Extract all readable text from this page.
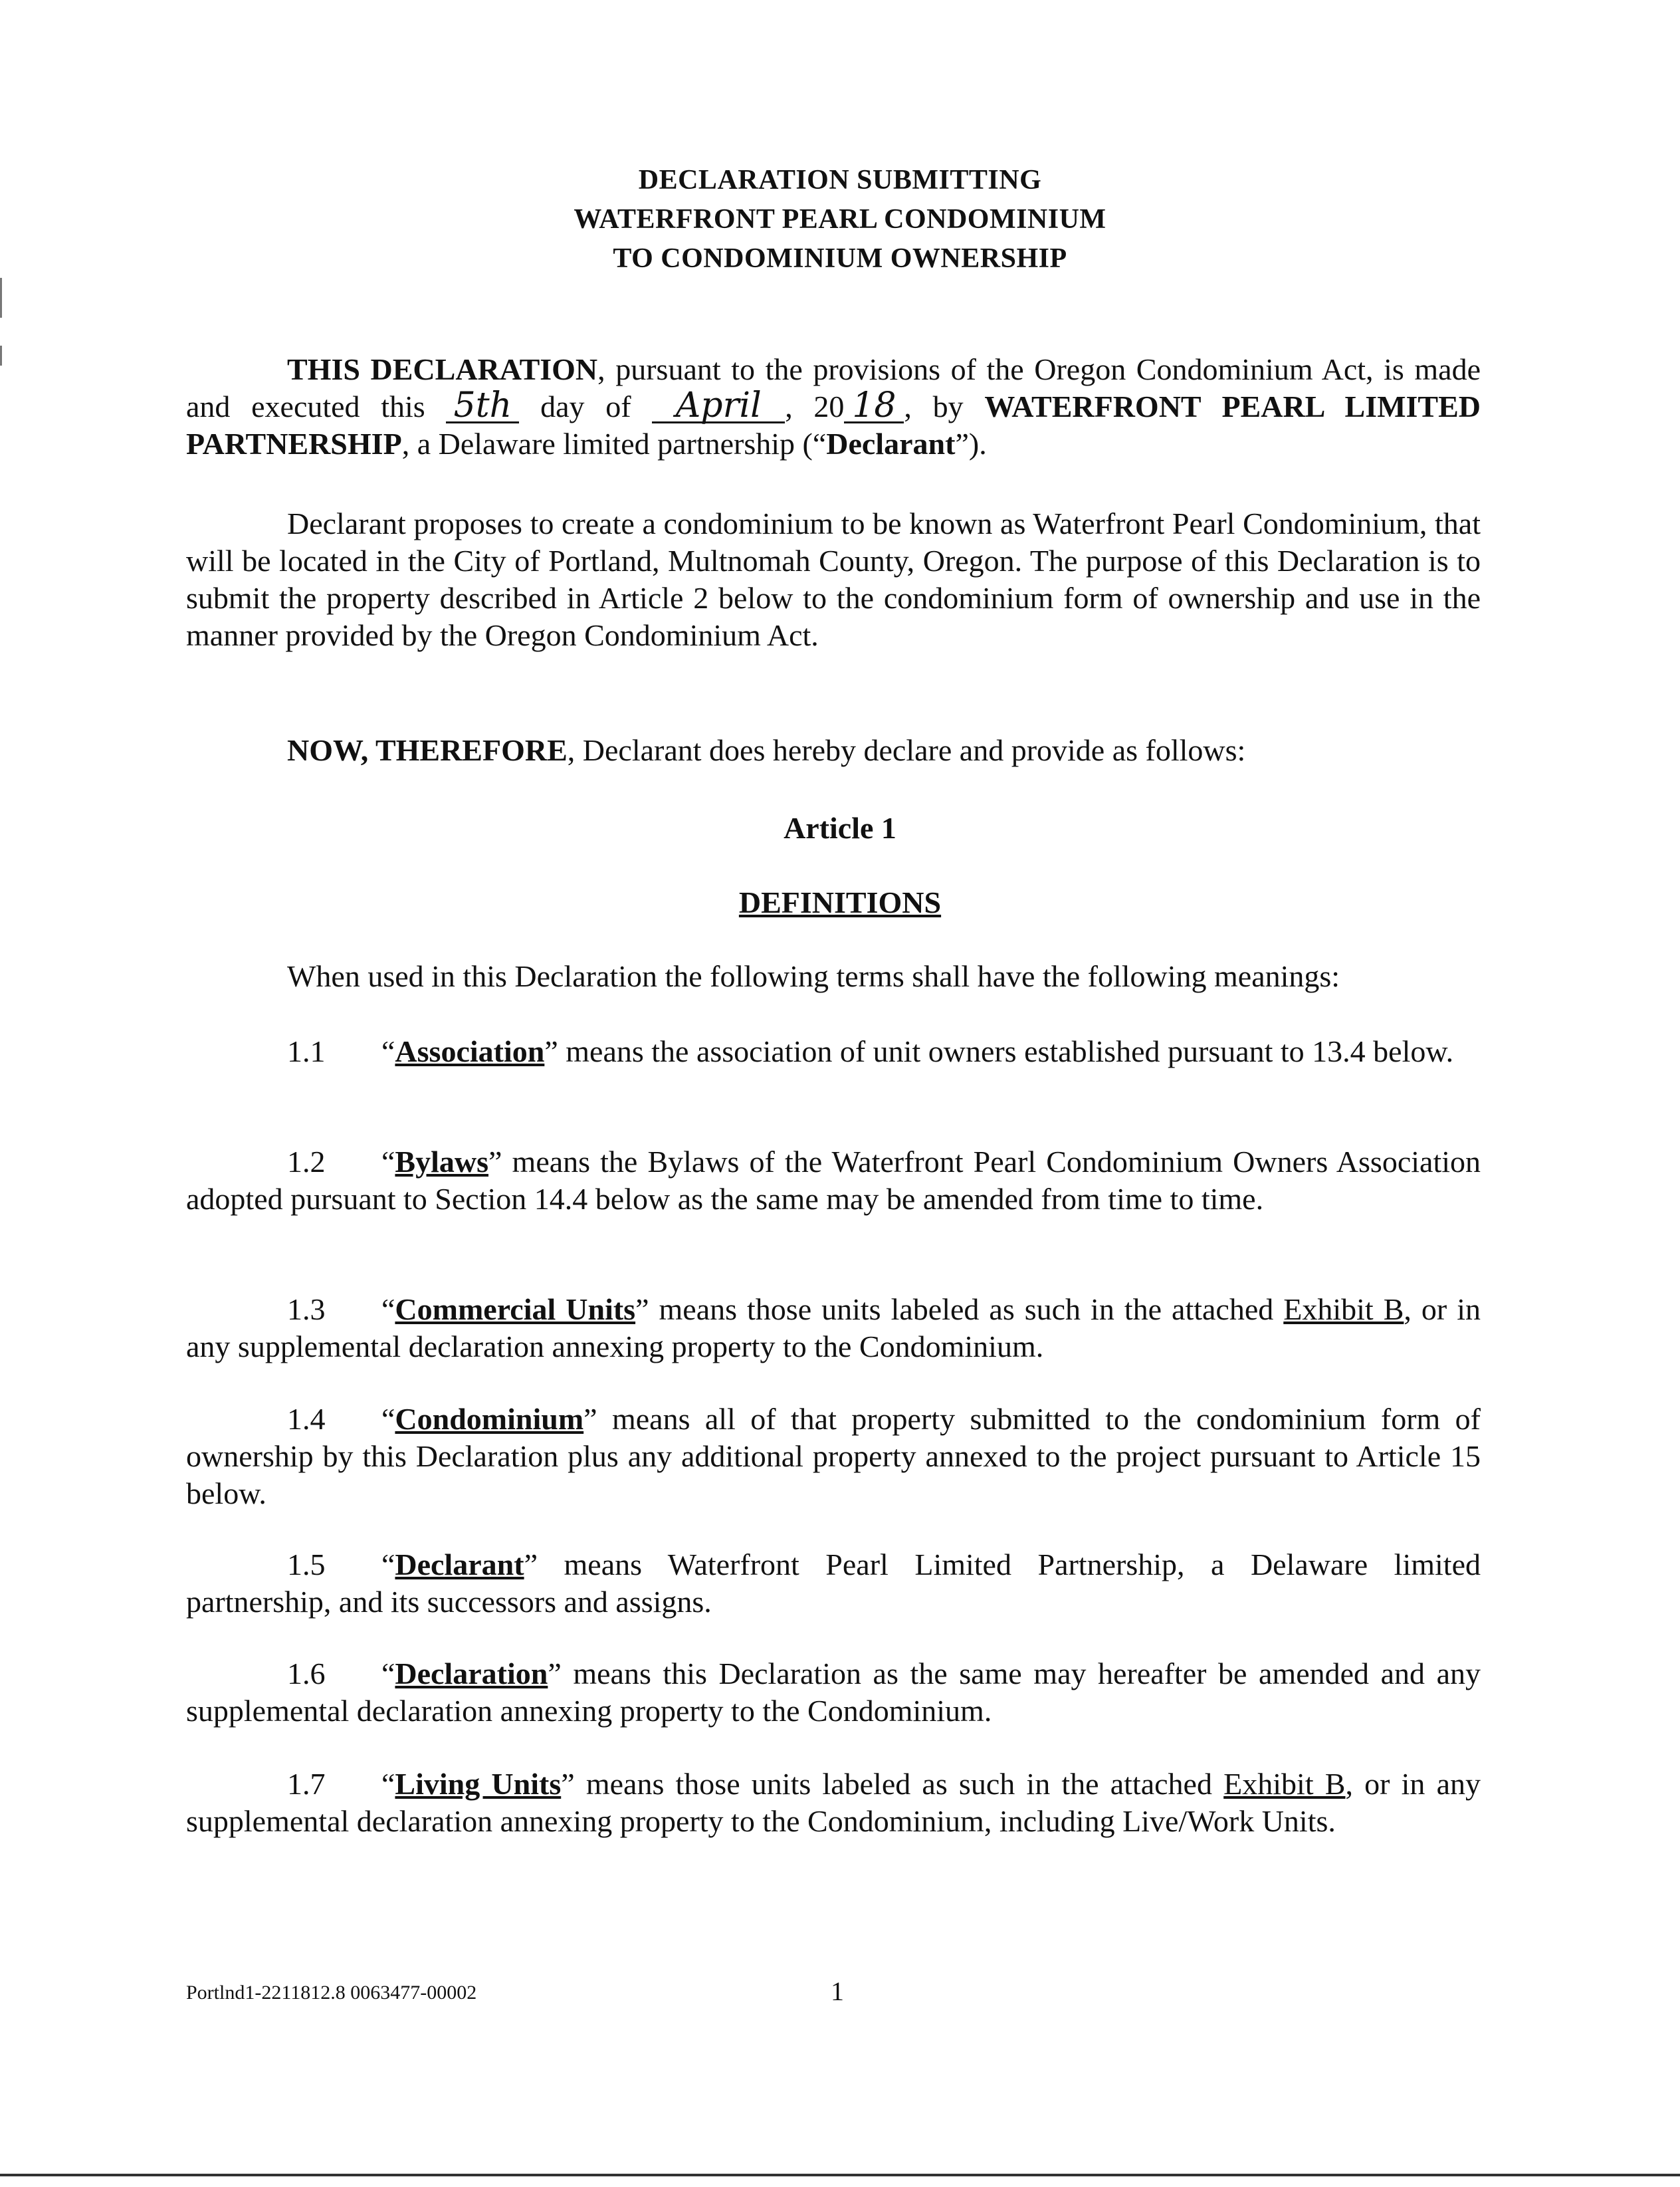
DECLARATION SUBMITTING
WATERFRONT PEARL CONDOMINIUM
TO CONDOMINIUM OWNERSHIP

THIS DECLARATION, pursuant to the provisions of the Oregon Condominium Act, is made and executed this 5th day of April , 20 18 , by WATERFRONT PEARL LIMITED PARTNERSHIP, a Delaware limited partnership (“Declarant”).

Declarant proposes to create a condominium to be known as Waterfront Pearl Condominium, that will be located in the City of Portland, Multnomah County, Oregon. The purpose of this Declaration is to submit the property described in Article 2 below to the condominium form of ownership and use in the manner provided by the Oregon Condominium Act.

NOW, THEREFORE, Declarant does hereby declare and provide as follows:

Article 1
DEFINITIONS

When used in this Declaration the following terms shall have the following meanings:

1.1 “Association” means the association of unit owners established pursuant to 13.4 below.

1.2 “Bylaws” means the Bylaws of the Waterfront Pearl Condominium Owners Association adopted pursuant to Section 14.4 below as the same may be amended from time to time.

1.3 “Commercial Units” means those units labeled as such in the attached Exhibit B, or in any supplemental declaration annexing property to the Condominium.

1.4 “Condominium” means all of that property submitted to the condominium form of ownership by this Declaration plus any additional property annexed to the project pursuant to Article 15 below.

1.5 “Declarant” means Waterfront Pearl Limited Partnership, a Delaware limited partnership, and its successors and assigns.

1.6 “Declaration” means this Declaration as the same may hereafter be amended and any supplemental declaration annexing property to the Condominium.

1.7 “Living Units” means those units labeled as such in the attached Exhibit B, or in any supplemental declaration annexing property to the Condominium, including Live/Work Units.

Portlnd1-2211812.8 0063477-00002	1
